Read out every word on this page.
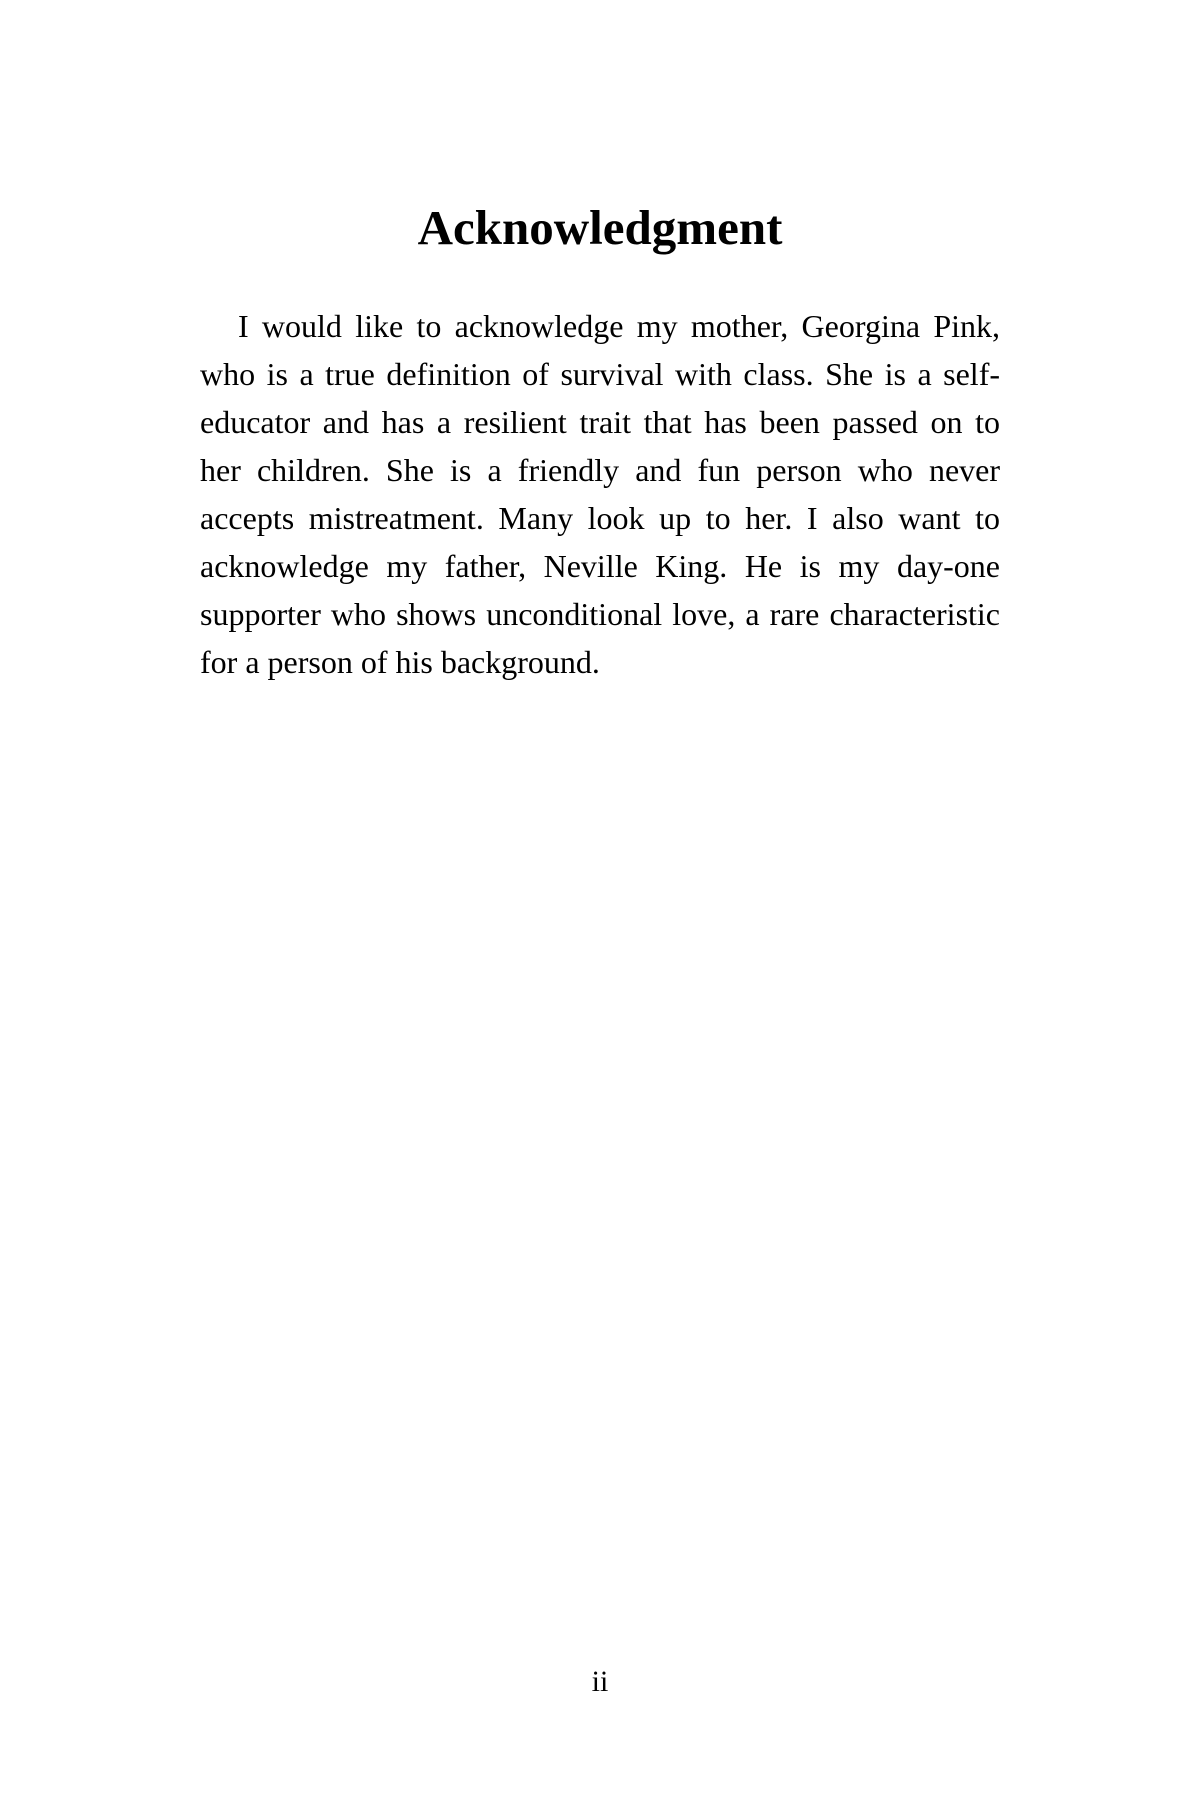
Acknowledgment
I would like to acknowledge my mother, Georgina Pink,
who is a true definition of survival with class. She is a self-
educator and has a resilient trait that has been passed on to
her children. She is a friendly and fun person who never
accepts mistreatment. Many look up to her. I also want to
acknowledge my father, Neville King. He is my day-one
supporter who shows unconditional love, a rare characteristic
for a person of his background.
ii
